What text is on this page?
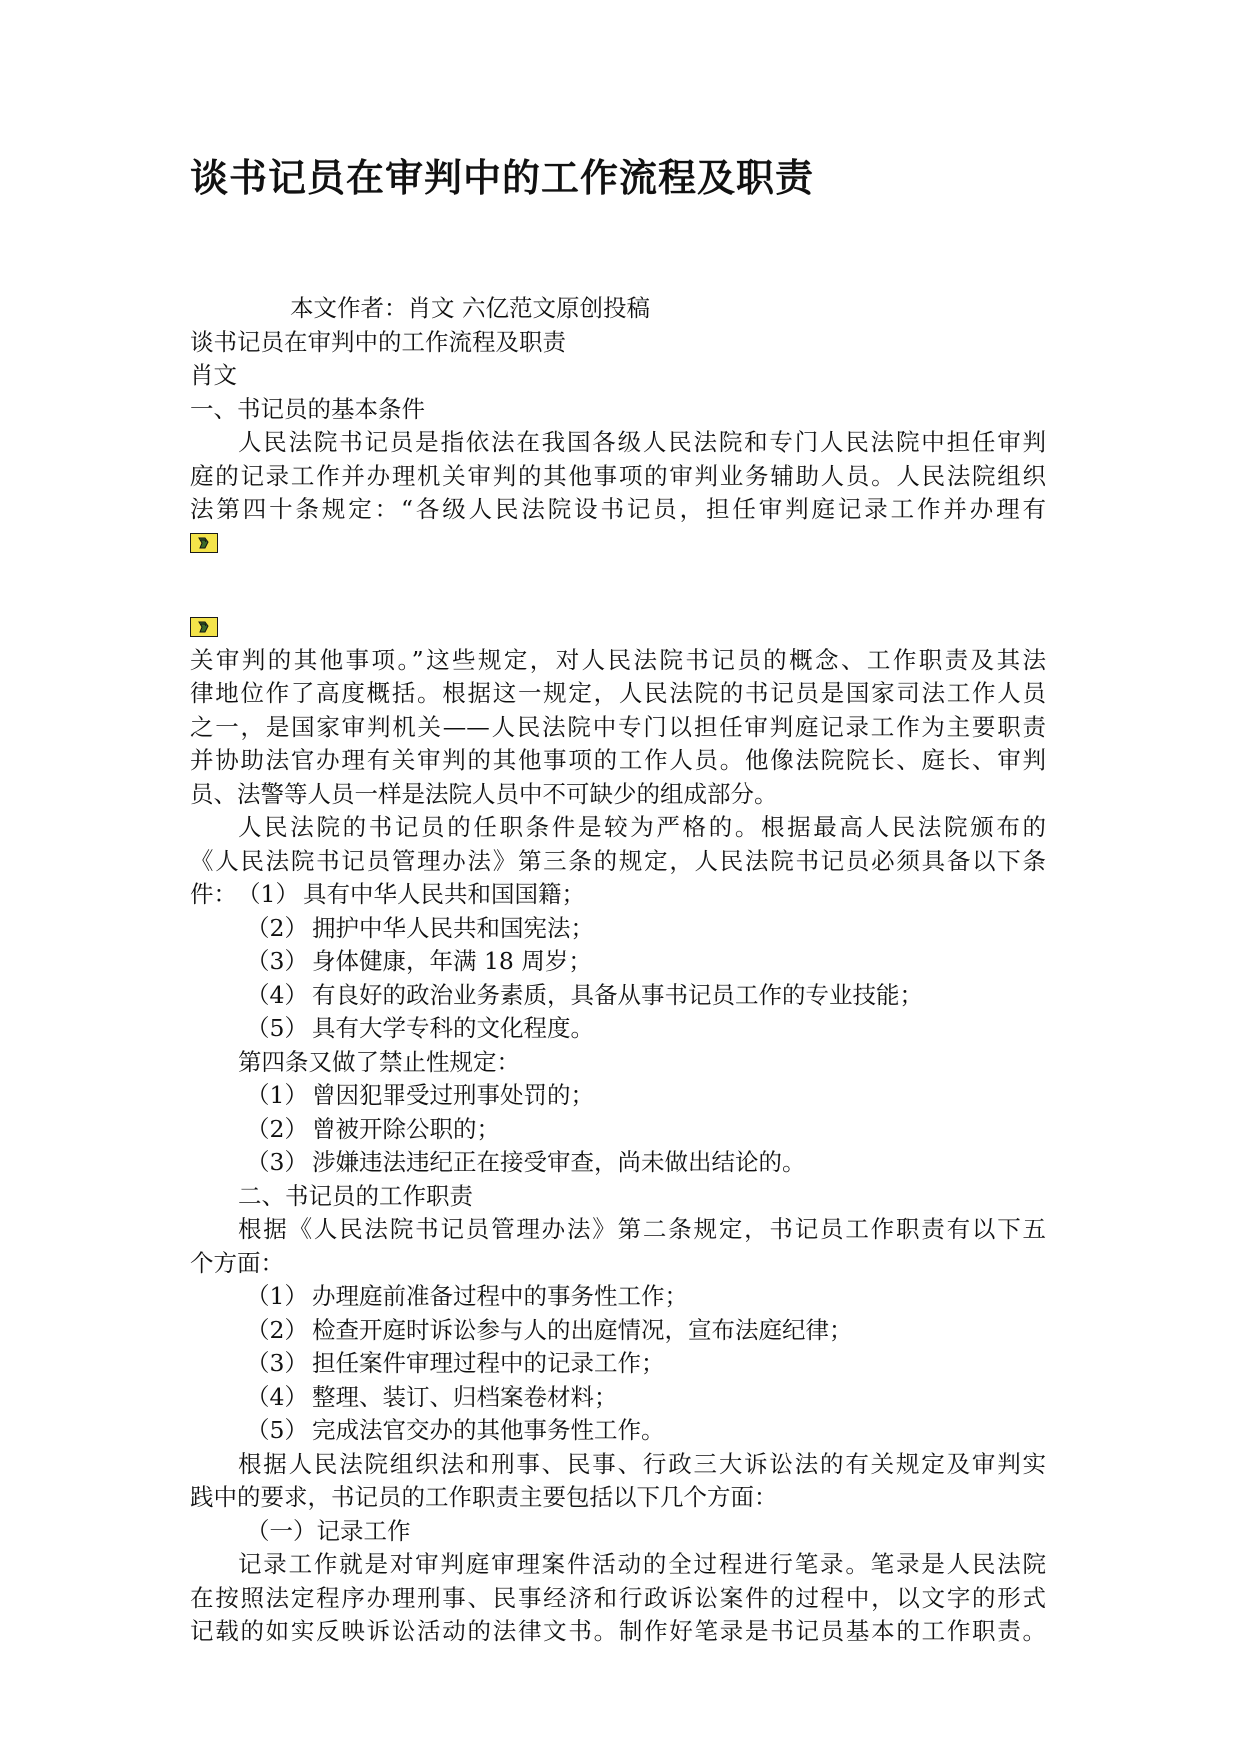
谈书记员在审判中的工作流程及职责
本文作者：肖文 六亿范文原创投稿
谈书记员在审判中的工作流程及职责
肖文
一、书记员的基本条件
人民法院书记员是指依法在我国各级人民法院和专门人民法院中担任审判
庭的记录工作并办理机关审判的其他事项的审判业务辅助人员。人民法院组织
法第四十条规定：“各级人民法院设书记员，担任审判庭记录工作并办理有
关审判的其他事项。”这些规定，对人民法院书记员的概念、工作职责及其法
律地位作了高度概括。根据这一规定，人民法院的书记员是国家司法工作人员
之一，是国家审判机关——人民法院中专门以担任审判庭记录工作为主要职责
并协助法官办理有关审判的其他事项的工作人员。他像法院院长、庭长、审判
员、法警等人员一样是法院人员中不可缺少的组成部分。
人民法院的书记员的任职条件是较为严格的。根据最高人民法院颁布的
《人民法院书记员管理办法》第三条的规定，人民法院书记员必须具备以下条
件：（1） 具有中华人民共和国国籍；
（2） 拥护中华人民共和国宪法；
（3） 身体健康，年满 18 周岁；
（4） 有良好的政治业务素质，具备从事书记员工作的专业技能；
（5） 具有大学专科的文化程度。
第四条又做了禁止性规定：
（1） 曾因犯罪受过刑事处罚的；
（2） 曾被开除公职的；
（3） 涉嫌违法违纪正在接受审查，尚未做出结论的。
二、书记员的工作职责
根据《人民法院书记员管理办法》第二条规定，书记员工作职责有以下五
个方面：
（1） 办理庭前准备过程中的事务性工作；
（2） 检查开庭时诉讼参与人的出庭情况，宣布法庭纪律；
（3） 担任案件审理过程中的记录工作；
（4） 整理、装订、归档案卷材料；
（5） 完成法官交办的其他事务性工作。
根据人民法院组织法和刑事、民事、行政三大诉讼法的有关规定及审判实
践中的要求，书记员的工作职责主要包括以下几个方面：
（一）记录工作
记录工作就是对审判庭审理案件活动的全过程进行笔录。笔录是人民法院
在按照法定程序办理刑事、民事经济和行政诉讼案件的过程中，以文字的形式
记载的如实反映诉讼活动的法律文书。制作好笔录是书记员基本的工作职责。
